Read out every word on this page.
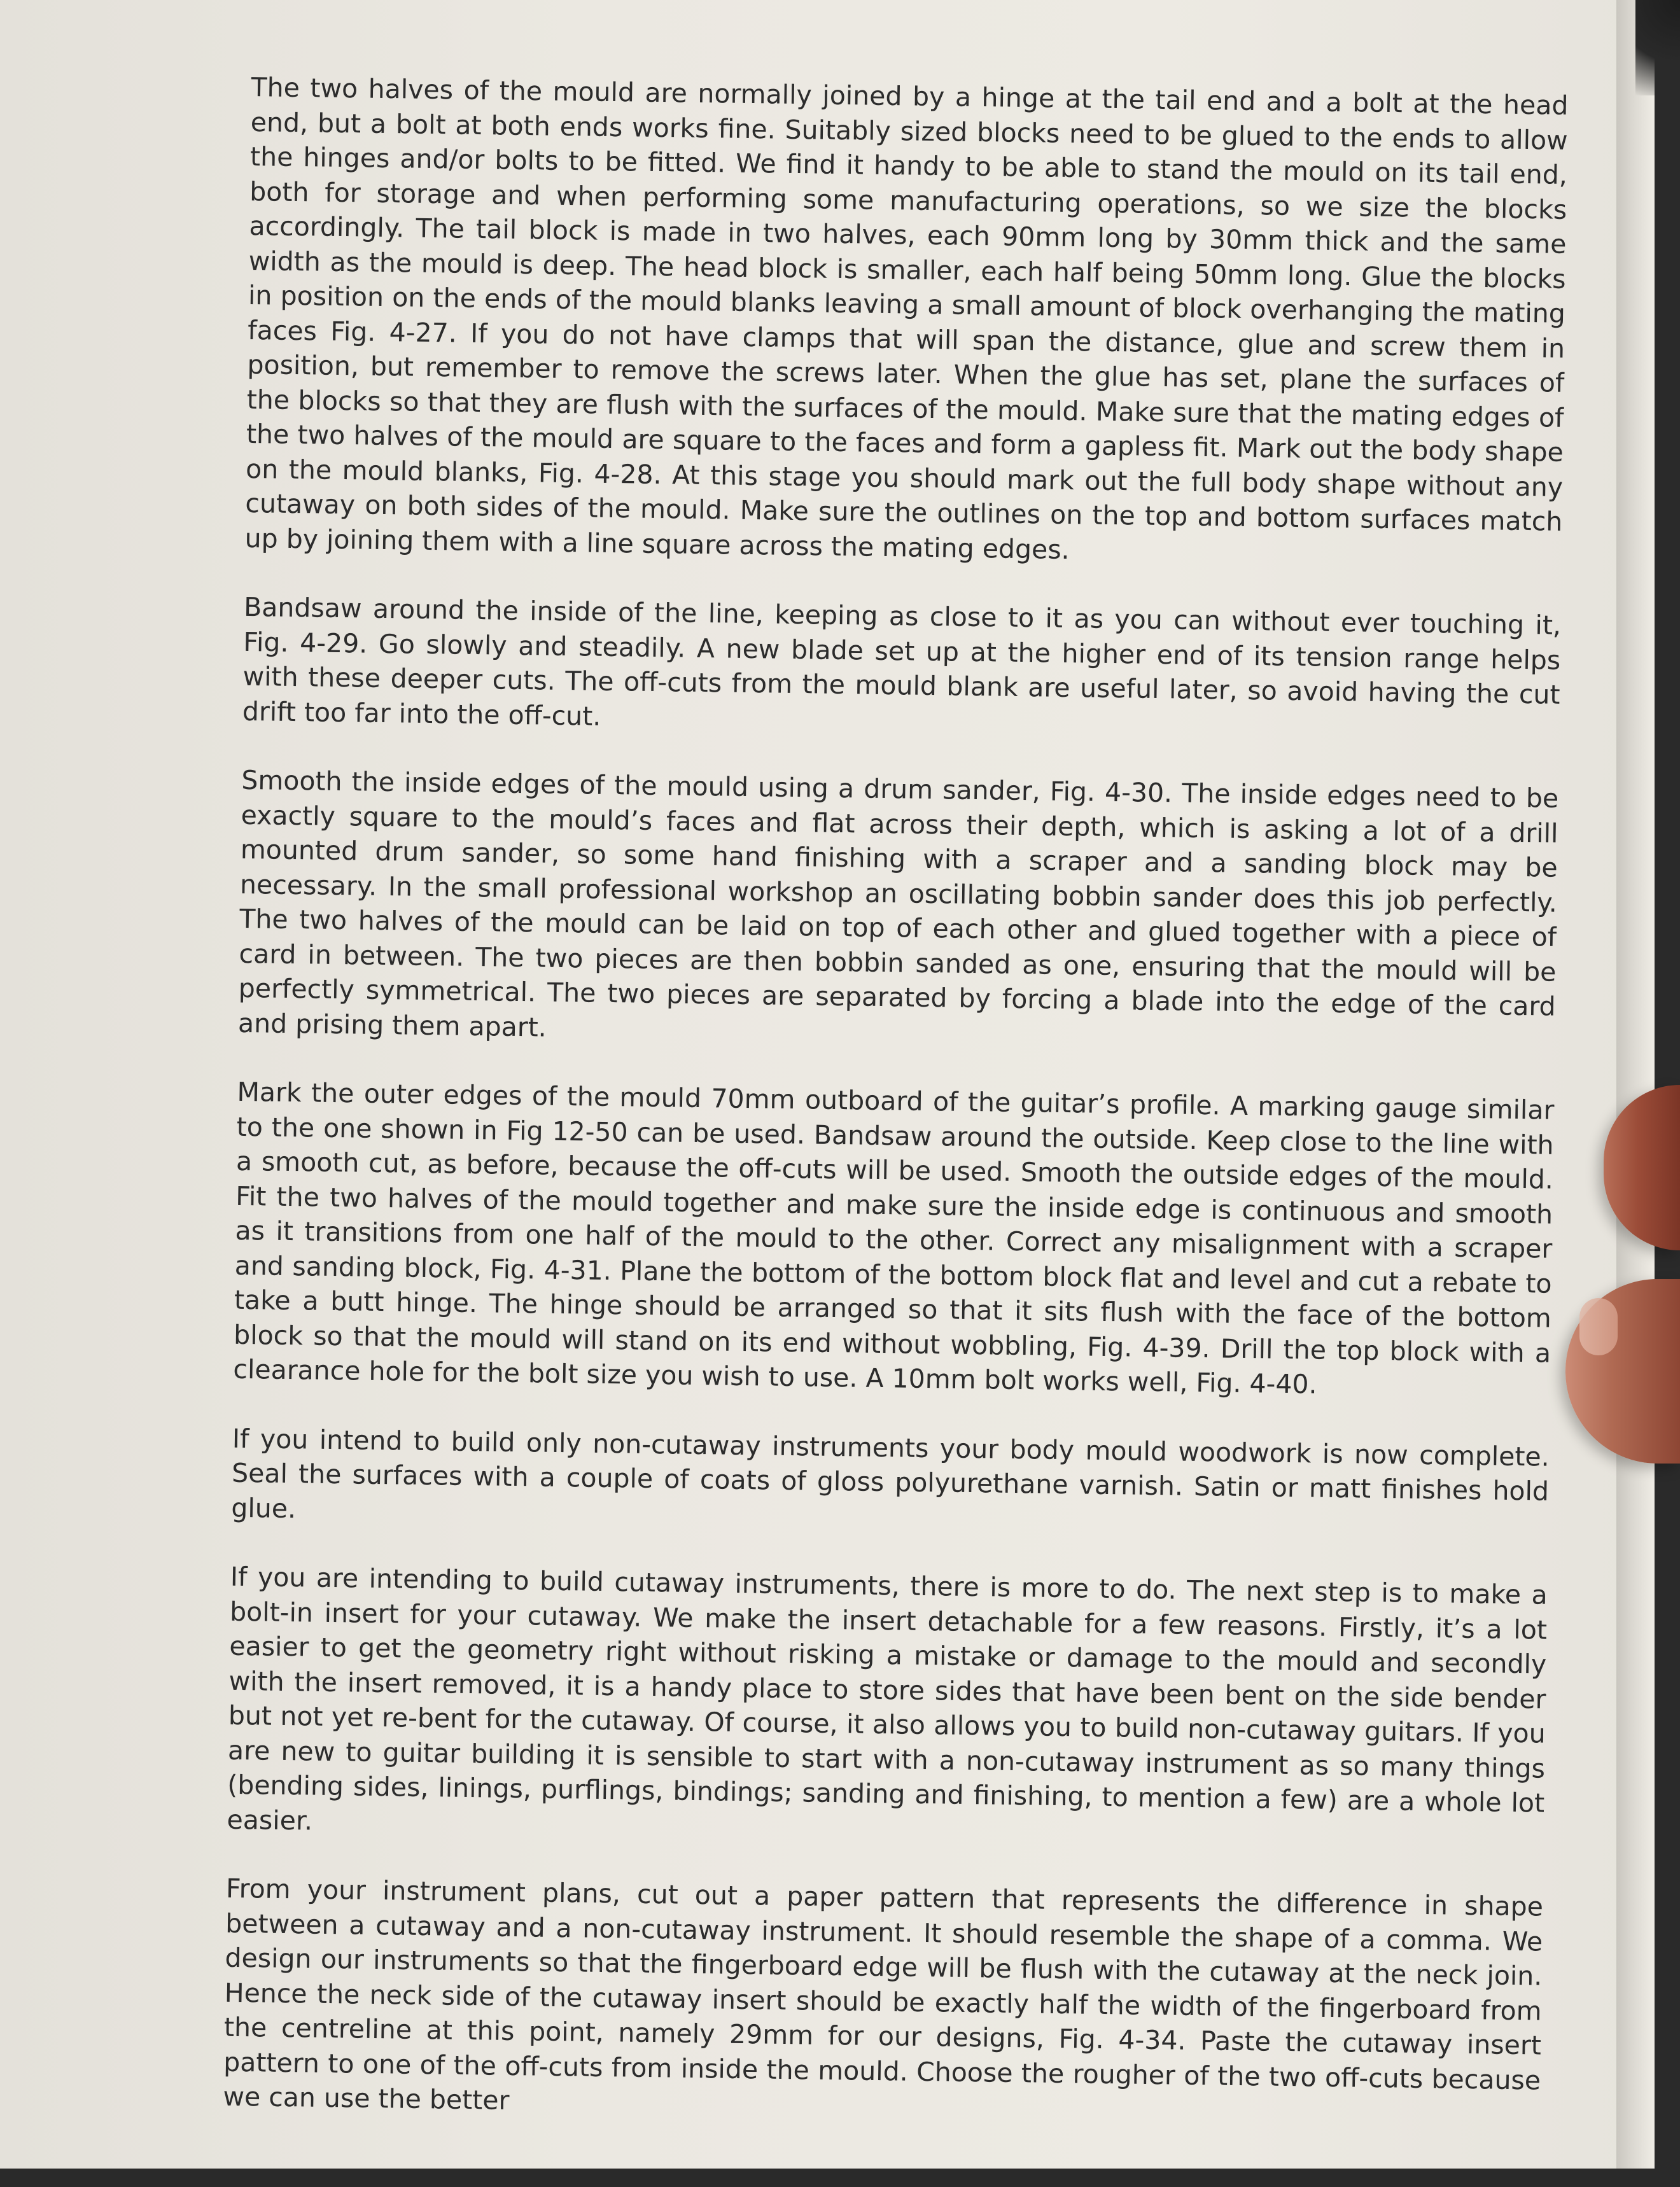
The two halves of the mould are normally joined by a hinge at the tail end and a bolt at the head end, but a bolt at both ends works fine. Suitably sized blocks need to be glued to the ends to allow the hinges and/or bolts to be fitted. We find it handy to be able to stand the mould on its tail end, both for storage and when performing some manufacturing operations, so we size the blocks accordingly. The tail block is made in two halves, each 90mm long by 30mm thick and the same width as the mould is deep. The head block is smaller, each half being 50mm long. Glue the blocks in position on the ends of the mould blanks leaving a small amount of block overhanging the mating faces Fig. 4-27. If you do not have clamps that will span the distance, glue and screw them in position, but remember to remove the screws later. When the glue has set, plane the surfaces of the blocks so that they are flush with the surfaces of the mould. Make sure that the mating edges of the two halves of the mould are square to the faces and form a gapless fit. Mark out the body shape on the mould blanks, Fig. 4-28. At this stage you should mark out the full body shape without any cutaway on both sides of the mould. Make sure the outlines on the top and bottom surfaces match up by joining them with a line square across the mating edges.

Bandsaw around the inside of the line, keeping as close to it as you can without ever touching it, Fig. 4-29. Go slowly and steadily. A new blade set up at the higher end of its tension range helps with these deeper cuts. The off-cuts from the mould blank are useful later, so avoid having the cut drift too far into the off-cut.

Smooth the inside edges of the mould using a drum sander, Fig. 4-30. The inside edges need to be exactly square to the mould’s faces and flat across their depth, which is asking a lot of a drill mounted drum sander, so some hand finishing with a scraper and a sanding block may be necessary. In the small professional workshop an oscillating bobbin sander does this job perfectly. The two halves of the mould can be laid on top of each other and glued together with a piece of card in between. The two pieces are then bobbin sanded as one, ensuring that the mould will be perfectly symmetrical. The two pieces are separated by forcing a blade into the edge of the card and prising them apart.

Mark the outer edges of the mould 70mm outboard of the guitar’s profile. A marking gauge similar to the one shown in Fig 12-50 can be used. Bandsaw around the outside. Keep close to the line with a smooth cut, as before, because the off-cuts will be used. Smooth the outside edges of the mould. Fit the two halves of the mould together and make sure the inside edge is continuous and smooth as it transitions from one half of the mould to the other. Correct any misalignment with a scraper and sanding block, Fig. 4-31. Plane the bottom of the bottom block flat and level and cut a rebate to take a butt hinge. The hinge should be arranged so that it sits flush with the face of the bottom block so that the mould will stand on its end without wobbling, Fig. 4-39. Drill the top block with a clearance hole for the bolt size you wish to use. A 10mm bolt works well, Fig. 4-40.

If you intend to build only non-cutaway instruments your body mould woodwork is now complete. Seal the surfaces with a couple of coats of gloss polyurethane varnish. Satin or matt finishes hold glue.

If you are intending to build cutaway instruments, there is more to do. The next step is to make a bolt-in insert for your cutaway. We make the insert detachable for a few reasons. Firstly, it’s a lot easier to get the geometry right without risking a mistake or damage to the mould and secondly with the insert removed, it is a handy place to store sides that have been bent on the side bender but not yet re-bent for the cutaway. Of course, it also allows you to build non-cutaway guitars. If you are new to guitar building it is sensible to start with a non-cutaway instrument as so many things (bending sides, linings, purflings, bindings; sanding and finishing, to mention a few) are a whole lot easier.

From your instrument plans, cut out a paper pattern that represents the difference in shape between a cutaway and a non-cutaway instrument. It should resemble the shape of a comma. We design our instruments so that the fingerboard edge will be flush with the cutaway at the neck join. Hence the neck side of the cutaway insert should be exactly half the width of the fingerboard from the centreline at this point, namely 29mm for our designs, Fig. 4-34. Paste the cutaway insert pattern to one of the off-cuts from inside the mould. Choose the rougher of the two off-cuts because we can use the better
